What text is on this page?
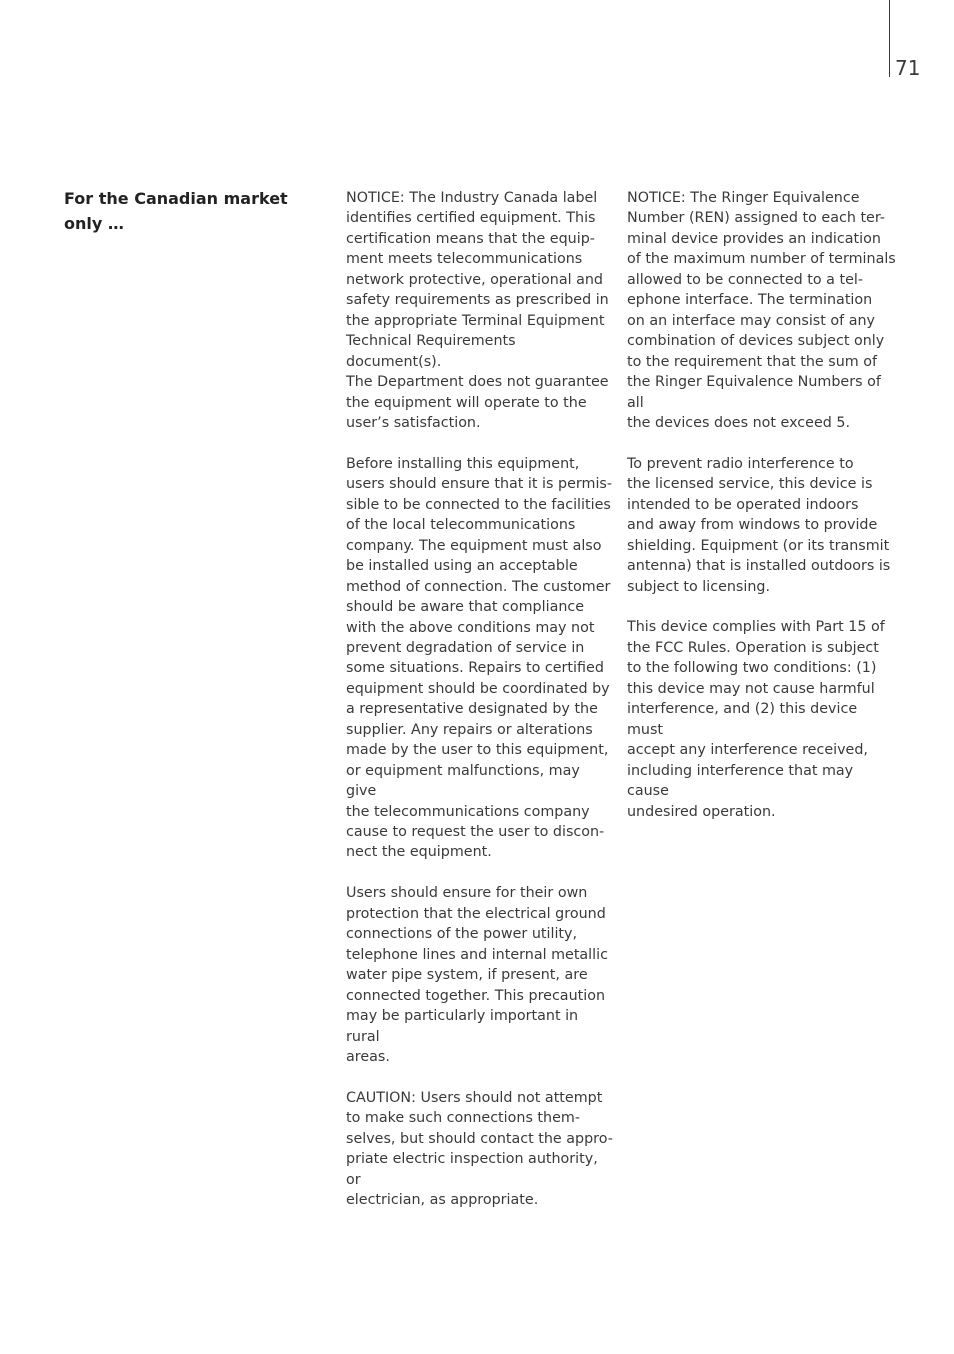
71
For the Canadian market
only …

NOTICE: The Industry Canada label
identifies certified equipment. This
certification means that the equip-
ment meets telecommunications
network protective, operational and
safety requirements as prescribed in
the appropriate Terminal Equipment
Technical Requirements document(s).
The Department does not guarantee
the equipment will operate to the
user’s satisfaction.

Before installing this equipment,
users should ensure that it is permis-
sible to be connected to the facilities
of the local telecommunications
company. The equipment must also
be installed using an acceptable
method of connection. The customer
should be aware that compliance
with the above conditions may not
prevent degradation of service in
some situations. Repairs to certified
equipment should be coordinated by
a representative designated by the
supplier. Any repairs or alterations
made by the user to this equipment,
or equipment malfunctions, may give
the telecommunications company
cause to request the user to discon-
nect the equipment.

Users should ensure for their own
protection that the electrical ground
connections of the power utility,
telephone lines and internal metallic
water pipe system, if present, are
connected together. This precaution
may be particularly important in rural
areas.

CAUTION: Users should not attempt
to make such connections them-
selves, but should contact the appro-
priate electric inspection authority, or
electrician, as appropriate.

NOTICE: The Ringer Equivalence
Number (REN) assigned to each ter-
minal device provides an indication
of the maximum number of terminals
allowed to be connected to a tel-
ephone interface. The termination
on an interface may consist of any
combination of devices subject only
to the requirement that the sum of
the Ringer Equivalence Numbers of all
the devices does not exceed 5.

To prevent radio interference to
the licensed service, this device is
intended to be operated indoors
and away from windows to provide
shielding. Equipment (or its transmit
antenna) that is installed outdoors is
subject to licensing.

This device complies with Part 15 of
the FCC Rules. Operation is subject
to the following two conditions: (1)
this device may not cause harmful
interference, and (2) this device must
accept any interference received,
including interference that may cause
undesired operation.
